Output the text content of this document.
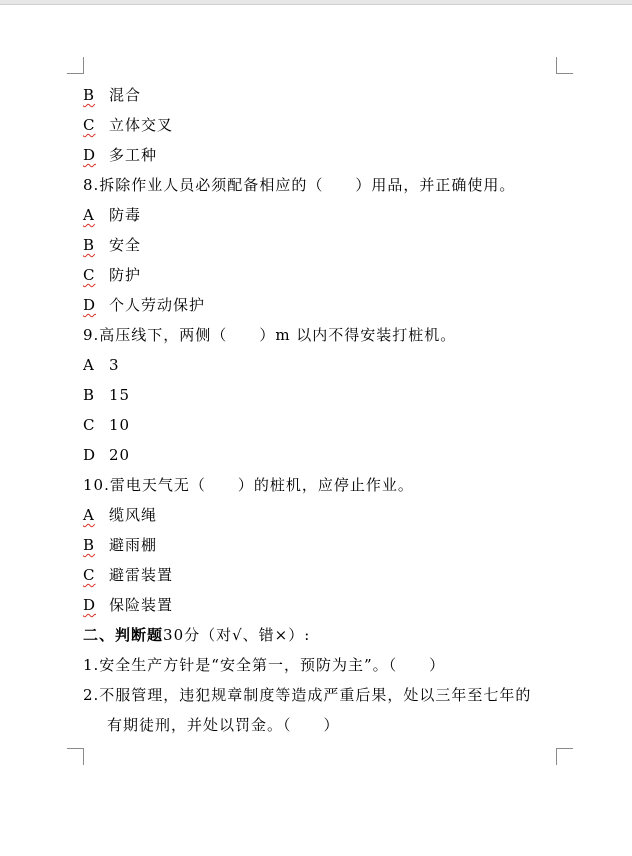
B 混合
C 立体交叉
D 多工种
8.拆除作业人员必须配备相应的（　　）用品，并正确使用。
A 防毒
B 安全
C 防护
D 个人劳动保护
9.高压线下，两侧（　　）m 以内不得安装打桩机。
A 3
B 15
C 10
D 20
10.雷电天气无（　　）的桩机，应停止作业。
A 缆风绳
B 避雨棚
C 避雷装置
D 保险装置
二、判断题30分（对√、错×）:
1.安全生产方针是“安全第一，预防为主”。（　　）
2.不服管理，违犯规章制度等造成严重后果，处以三年至七年的
有期徒刑，并处以罚金。（　　）
